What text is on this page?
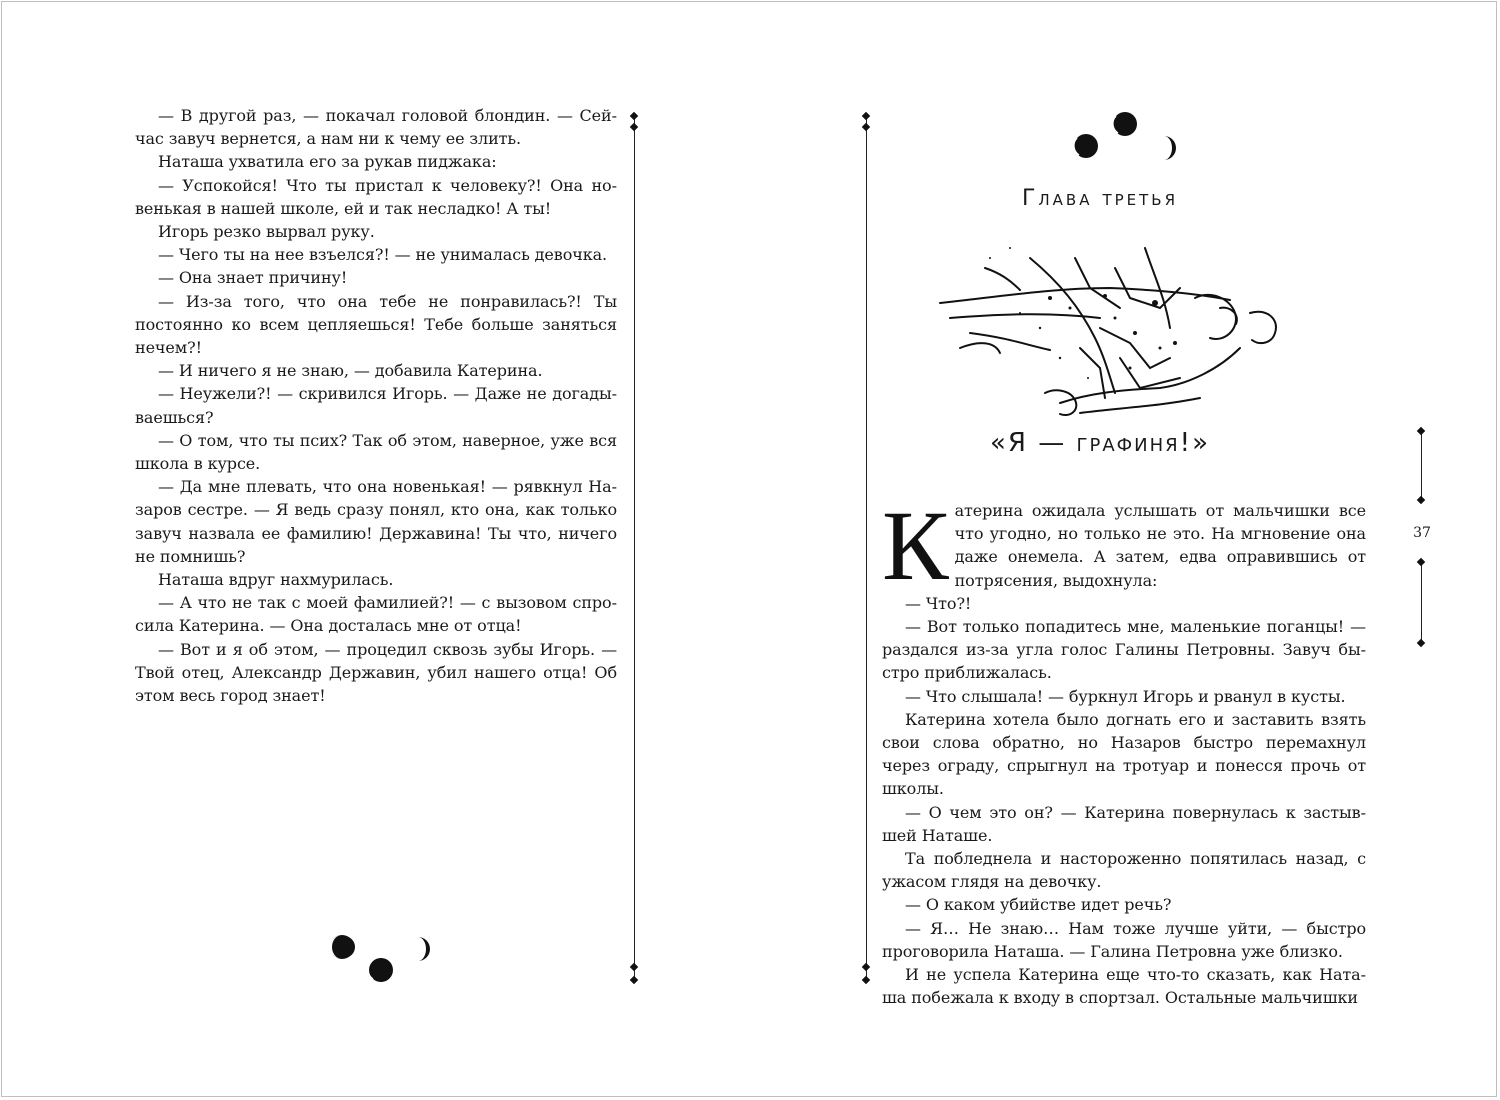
— В другой раз, — покачал головой блондин. — Сейчас завуч вернется, а нам ни к чему ее злить.

Наташа ухватила его за рукав пиджака:

— Успокойся! Что ты пристал к человеку?! Она новенькая в нашей школе, ей и так несладко! А ты!

Игорь резко вырвал руку.

— Чего ты на нее взъелся?! — не унималась девочка.

— Она знает причину!

— Из-за того, что она тебе не понравилась?! Ты постоянно ко всем цепляешься! Тебе больше заняться нечем?!

— И ничего я не знаю, — добавила Катерина.

— Неужели?! — скривился Игорь. — Даже не догадываешься?

— О том, что ты псих? Так об этом, наверное, уже вся школа в курсе.

— Да мне плевать, что она новенькая! — рявкнул Назаров сестре. — Я ведь сразу понял, кто она, как только завуч назвала ее фамилию! Державина! Ты что, ничего не помнишь?

Наташа вдруг нахмурилась.

— А что не так с моей фамилией?! — с вызовом спросила Катерина. — Она досталась мне от отца!

— Вот и я об этом, — процедил сквозь зубы Игорь. — Твой отец, Александр Державин, убил нашего отца! Об этом весь город знает!

Глава третья
«Я — графиня!»

Катерина ожидала услышать от мальчишки все что угодно, но только не это. На мгновение она даже онемела. А затем, едва оправившись от потрясения, выдохнула:

— Что?!

— Вот только попадитесь мне, маленькие поганцы! — раздался из-за угла голос Галины Петровны. Завуч быстро приближалась.

— Что слышала! — буркнул Игорь и рванул в кусты.

Катерина хотела было догнать его и заставить взять свои слова обратно, но Назаров быстро перемахнул через ограду, спрыгнул на тротуар и понесся прочь от школы.

— О чем это он? — Катерина повернулась к застывшей Наташе.

Та побледнела и настороженно попятилась назад, с ужасом глядя на девочку.

— О каком убийстве идет речь?

— Я… Не знаю… Нам тоже лучше уйти, — быстро проговорила Наташа. — Галина Петровна уже близко.

И не успела Катерина еще что-то сказать, как Наташа побежала к входу в спортзал. Остальные мальчишки

37
